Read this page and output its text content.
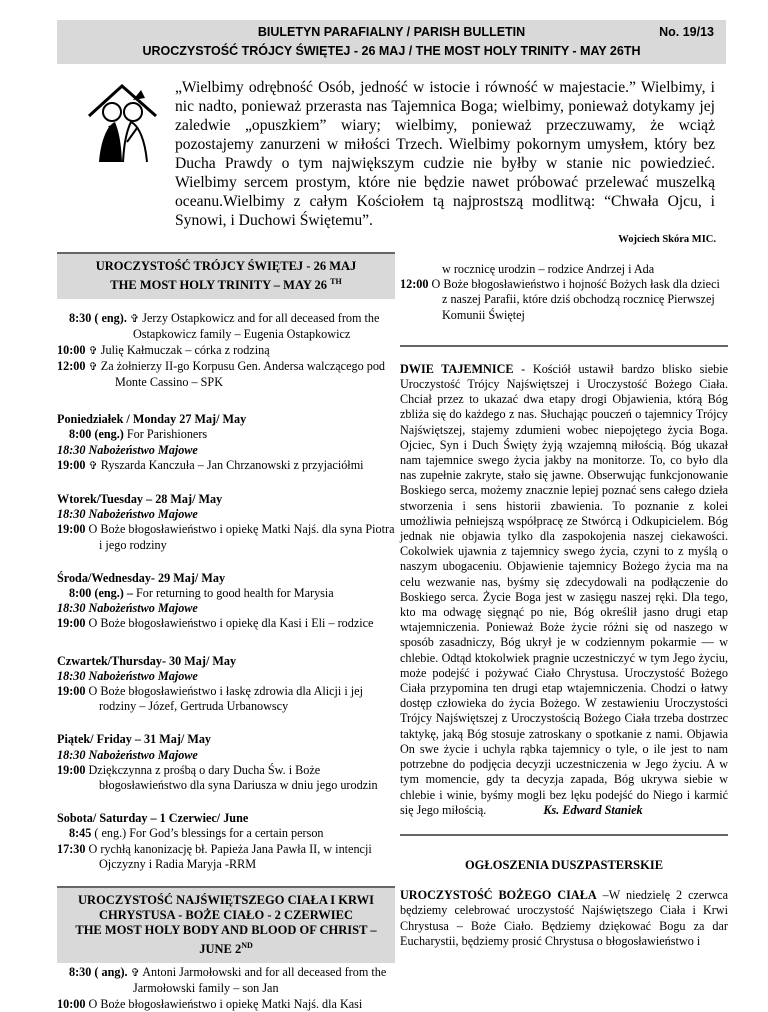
BIULETYN PARAFIALNY / PARISH BULLETIN	No. 19/13
UROCZYSTOŚĆ TRÓJCY ŚWIĘTEJ - 26 MAJ / THE MOST HOLY TRINITY - MAY 26TH
„Wielbimy odrębność Osób, jedność w istocie i równość w majestacie.” Wielbimy, i nic nadto, ponieważ przerasta nas Tajemnica Boga; wielbimy, ponieważ dotykamy jej zaledwie „opuszkiem” wiary; wielbimy, ponieważ przeczuwamy, że wciąż pozostajemy zanurzeni w miłości Trzech. Wielbimy pokornym umysłem, który bez Ducha Prawdy o tym największym cudzie nie byłby w stanie nic powiedzieć. Wielbimy sercem prostym, które nie będzie nawet próbować przelewać muszelką oceanu.Wielbimy z całym Kościołem tą najprostszą modlitwą: “Chwała Ojcu, i Synowi, i Duchowi Świętemu”.
Wojciech Skóra MIC.
UROCZYSTOŚĆ TRÓJCY ŚWIĘTEJ - 26 MAJ
THE MOST HOLY TRINITY – MAY 26 $^{TH}$
8:30 ( eng). ✞ Jerzy Ostapkowicz and for all deceased from the Ostapkowicz family – Eugenia Ostapkowicz
10:00 ✞ Julię Kałmuczak – córka z rodziną
12:00 ✞ Za żołnierzy II-go Korpusu Gen. Andersa walczącego pod Monte Cassino – SPK
Poniedziałek / Monday 27 Maj/ May
8:00 (eng.) For Parishioners
18:30 Nabożeństwo Majowe
19:00 ✞ Ryszarda Kanczuła – Jan Chrzanowski z przyjaciółmi
Wtorek/Tuesday – 28 Maj/ May
18:30 Nabożeństwo Majowe
19:00 O Boże błogosławieństwo i opiekę Matki Najś. dla syna Piotra i jego rodziny
Środa/Wednesday- 29 Maj/ May
8:00 (eng.) – For returning to good health for Marysia
18:30 Nabożeństwo Majowe
19:00 O Boże błogosławieństwo i opiekę dla Kasi i Eli – rodzice
Czwartek/Thursday- 30 Maj/ May
18:30 Nabożeństwo Majowe
19:00 O Boże błogosławieństwo i łaskę zdrowia dla Alicji i jej rodziny – Józef, Gertruda Urbanowscy
Piątek/ Friday – 31 Maj/ May
18:30 Nabożeństwo Majowe
19:00 Dziękczynna z prośbą o dary Ducha Św. i Boże błogosławieństwo dla syna Dariusza w dniu jego urodzin
Sobota/ Saturday – 1 Czerwiec/ June
8:45 ( eng.) For God’s blessings for a certain person
17:30 O rychłą kanonizację bł. Papieża Jana Pawła II, w intencji Ojczyzny i Radia Maryja -RRM
UROCZYSTOŚĆ NAJŚWIĘTSZEGO CIAŁA I KRWI
CHRYSTUSA - BOŻE CIAŁO - 2 CZERWIEC
THE MOST HOLY BODY AND BLOOD OF CHRIST –
JUNE 2ND
8:30 ( ang). ✞ Antoni Jarmołowski and for all deceased from the Jarmołowski family – son Jan
10:00 O Boże błogosławieństwo i opiekę Matki Najś. dla Kasi
w rocznicę urodzin – rodzice Andrzej i Ada
12:00 O Boże błogosławieństwo i hojność Bożych łask dla dzieci z naszej Parafii, które dziś obchodzą rocznicę Pierwszej Komunii Świętej
DWIE TAJEMNICE - Kościół ustawił bardzo blisko siebie Uroczystość Trójcy Najświętszej i Uroczystość Bożego Ciała. Chciał przez to ukazać dwa etapy drogi Objawienia, którą Bóg zbliża się do każdego z nas. Słuchając pouczeń o tajemnicy Trójcy Najświętszej, stajemy zdumieni wobec niepojętego życia Boga. Ojciec, Syn i Duch Święty żyją wzajemną miłością. Bóg ukazał nam tajemnice swego życia jakby na monitorze. To, co było dla nas zupełnie zakryte, stało się jawne. Obserwując funkcjonowanie Boskiego serca, możemy znacznie lepiej poznać sens całego dzieła stworzenia i sens historii zbawienia. To poznanie z kolei umożliwia pełniejszą współpracę ze Stwórcą i Odkupicielem. Bóg jednak nie objawia tylko dla zaspokojenia naszej ciekawości. Cokolwiek ujawnia z tajemnicy swego życia, czyni to z myślą o naszym ubogaceniu. Objawienie tajemnicy Bożego życia ma na celu wezwanie nas, byśmy się zdecydowali na podłączenie do Boskiego serca. Życie Boga jest w zasięgu naszej ręki. Dla tego, kto ma odwagę sięgnąć po nie, Bóg określił jasno drugi etap wtajemniczenia. Ponieważ Boże życie różni się od naszego w sposób zasadniczy, Bóg ukrył je w codziennym pokarmie — w chlebie. Odtąd ktokolwiek pragnie uczestniczyć w tym Jego życiu, może podejść i pożywać Ciało Chrystusa. Uroczystość Bożego Ciała przypomina ten drugi etap wtajemniczenia. Chodzi o łatwy dostęp człowieka do życia Bożego. W zestawieniu Uroczystości Trójcy Najświętszej z Uroczystością Bożego Ciała trzeba dostrzec taktykę, jaką Bóg stosuje zatroskany o spotkanie z nami. Objawia On swe życie i uchyla rąbka tajemnicy o tyle, o ile jest to nam potrzebne do podjęcia decyzji uczestniczenia w Jego życiu. A w tym momencie, gdy ta decyzja zapada, Bóg ukrywa siebie w chlebie i winie, byśmy mogli bez lęku podejść do Niego i karmić się Jego miłością.	Ks. Edward Staniek
OGŁOSZENIA DUSZPASTERSKIE
UROCZYSTOŚĆ BOŻEGO CIAŁA –W niedzielę 2 czerwca będziemy celebrować uroczystość Najświętszego Ciała i Krwi Chrystusa – Boże Ciało. Będziemy dziękować Bogu za dar Eucharystii, będziemy prosić Chrystusa o błogosławieństwo i
